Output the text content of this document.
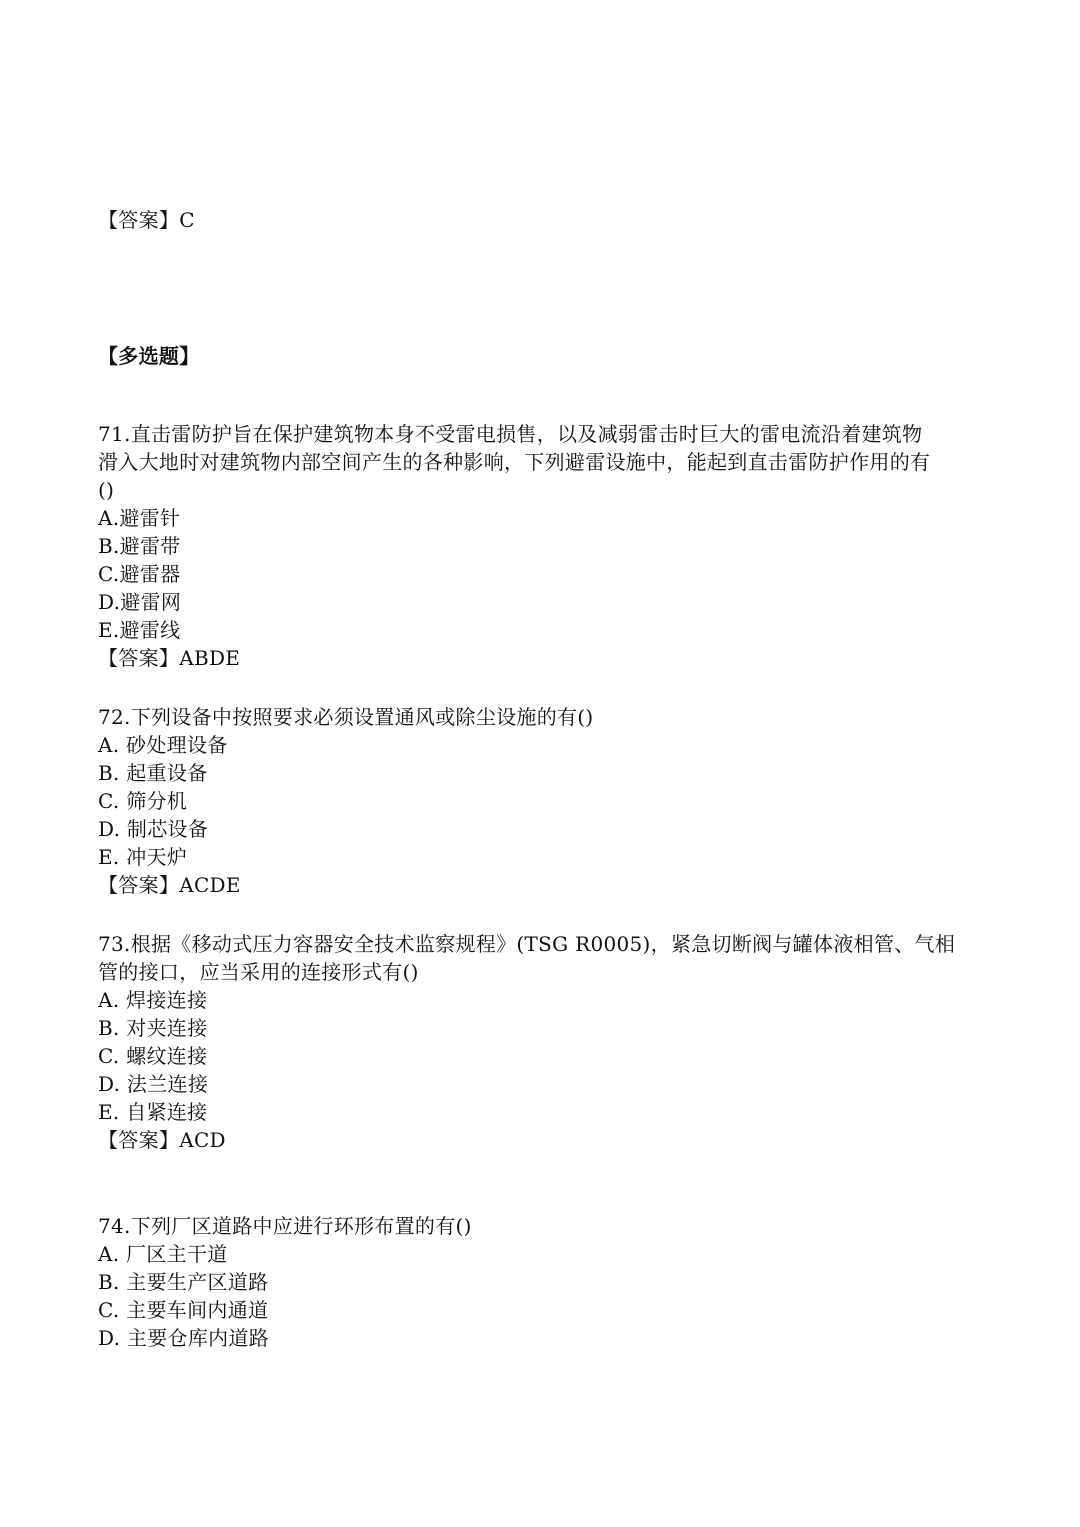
【答案】C
【多选题】
71.直击雷防护旨在保护建筑物本身不受雷电损售，以及减弱雷击时巨大的雷电流沿着建筑物
滑入大地时对建筑物内部空间产生的各种影响，下列避雷设施中，能起到直击雷防护作用的有
()
A.避雷针
B.避雷带
C.避雷器
D.避雷网
E.避雷线
【答案】ABDE
72.下列设备中按照要求必须设置通风或除尘设施的有()
A. 砂处理设备
B. 起重设备
C. 筛分机
D. 制芯设备
E. 冲天炉
【答案】ACDE
73.根据《移动式压力容器安全技术监察规程》(TSG R0005)，紧急切断阀与罐体液相管、气相
管的接口，应当采用的连接形式有()
A. 焊接连接
B. 对夹连接
C. 螺纹连接
D. 法兰连接
E. 自紧连接
【答案】ACD
74.下列厂区道路中应进行环形布置的有()
A. 厂区主干道
B. 主要生产区道路
C. 主要车间内通道
D. 主要仓库内道路
